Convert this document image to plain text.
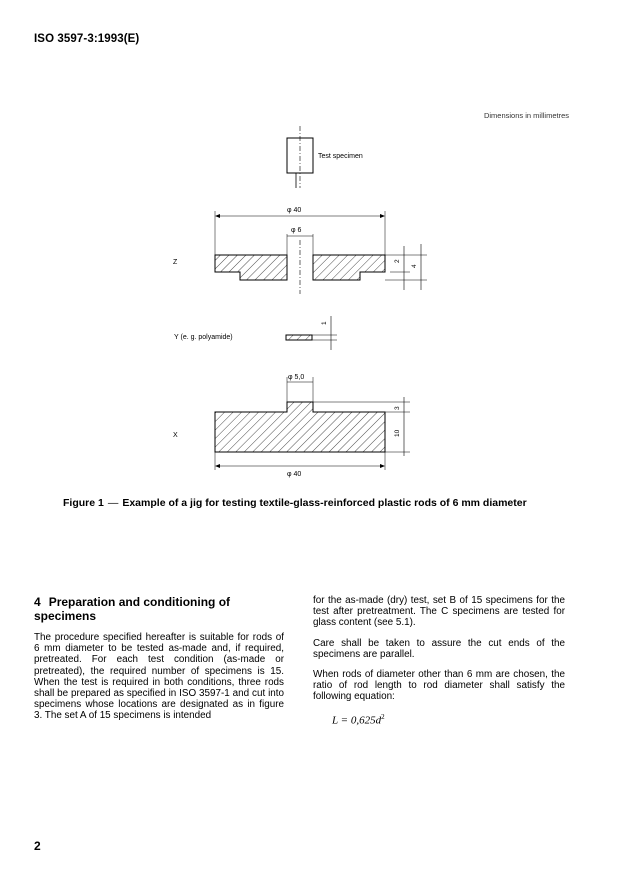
ISO 3597-3:1993(E)
Dimensions in millimetres
Test specimen
φ 40
φ 6
2
4
Z
1
Y (e. g. polyamide)
φ 5,0
3
10
φ 40
X
Figure 1 — Example of a jig for testing textile-glass-reinforced plastic rods of 6 mm diameter
4 Preparation and conditioning of specimens

The procedure specified hereafter is suitable for rods of 6 mm diameter to be tested as-made and, if required, pretreated. For each test condition (as-made or pretreated), the required number of specimens is 15. When the test is required in both conditions, three rods shall be prepared as specified in ISO 3597-1 and cut into specimens whose locations are designated as in figure 3. The set A of 15 specimens is intended

for the as-made (dry) test, set B of 15 specimens for the test after pretreatment. The C specimens are tested for glass content (see 5.1).

Care shall be taken to assure the cut ends of the specimens are parallel.

When rods of diameter other than 6 mm are chosen, the ratio of rod length to rod diameter shall satisfy the following equation:

$L = 0,625d^2$
2
